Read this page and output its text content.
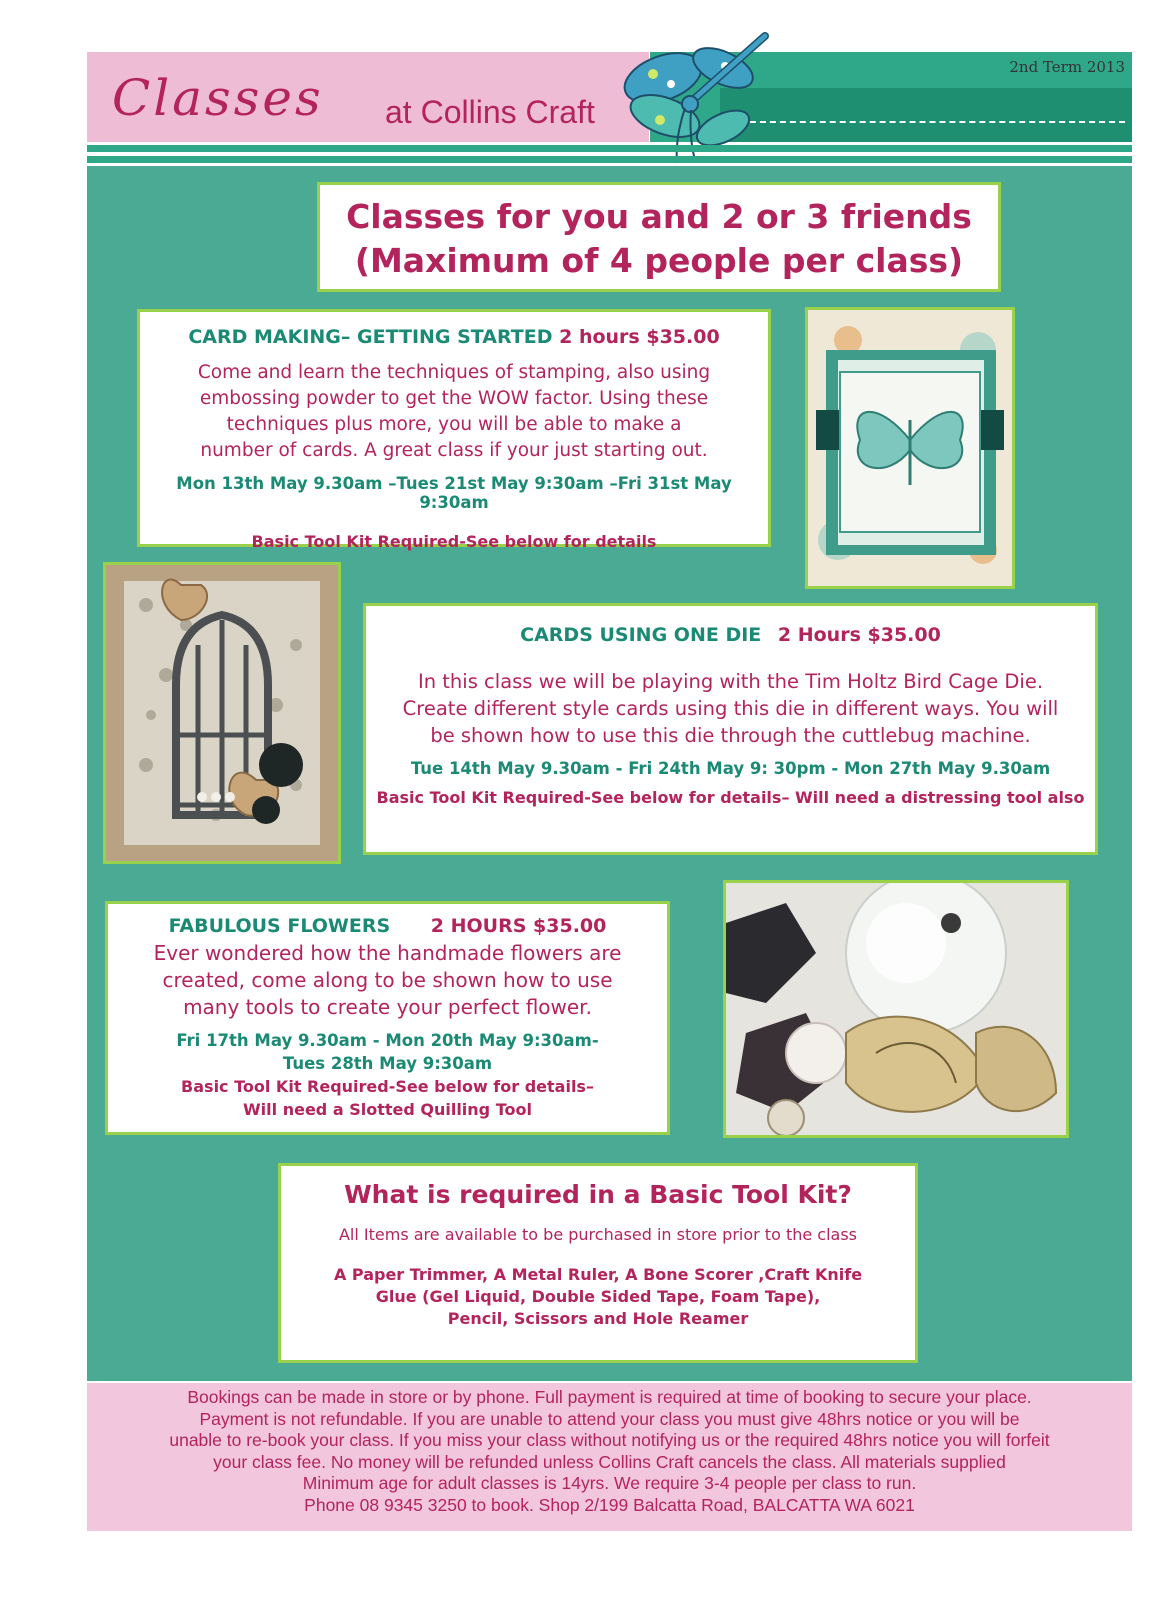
2nd Term 2013
Classes at Collins Craft
Classes for you and 2 or 3 friends
(Maximum of 4 people per class)
CARD MAKING– GETTING STARTED 2 hours $35.00
Come and learn the techniques of stamping, also using
embossing powder to get the WOW factor. Using these
techniques plus more, you will be able to make a
number of cards. A great class if your just starting out.
Mon 13th May 9.30am –Tues 21st May 9:30am –Fri 31st May 9:30am
Basic Tool Kit Required-See below for details
CARDS USING ONE DIE 2 Hours $35.00
In this class we will be playing with the Tim Holtz Bird Cage Die.
Create different style cards using this die in different ways. You will
be shown how to use this die through the cuttlebug machine.
Tue 14th May 9.30am - Fri 24th May 9: 30pm - Mon 27th May 9.30am
Basic Tool Kit Required-See below for details– Will need a distressing tool also
FABULOUS FLOWERS 2 HOURS $35.00
Ever wondered how the handmade flowers are
created, come along to be shown how to use
many tools to create your perfect flower.
Fri 17th May 9.30am - Mon 20th May 9:30am-
Tues 28th May 9:30am
Basic Tool Kit Required-See below for details–
Will need a Slotted Quilling Tool
What is required in a Basic Tool Kit?
All Items are available to be purchased in store prior to the class
A Paper Trimmer, A Metal Ruler, A Bone Scorer ,Craft Knife
Glue (Gel Liquid, Double Sided Tape, Foam Tape),
Pencil, Scissors and Hole Reamer
Bookings can be made in store or by phone. Full payment is required at time of booking to secure your place.
Payment is not refundable. If you are unable to attend your class you must give 48hrs notice or you will be
unable to re-book your class. If you miss your class without notifying us or the required 48hrs notice you will forfeit
your class fee. No money will be refunded unless Collins Craft cancels the class. All materials supplied
Minimum age for adult classes is 14yrs. We require 3-4 people per class to run.
Phone 08 9345 3250 to book. Shop 2/199 Balcatta Road, BALCATTA WA 6021
